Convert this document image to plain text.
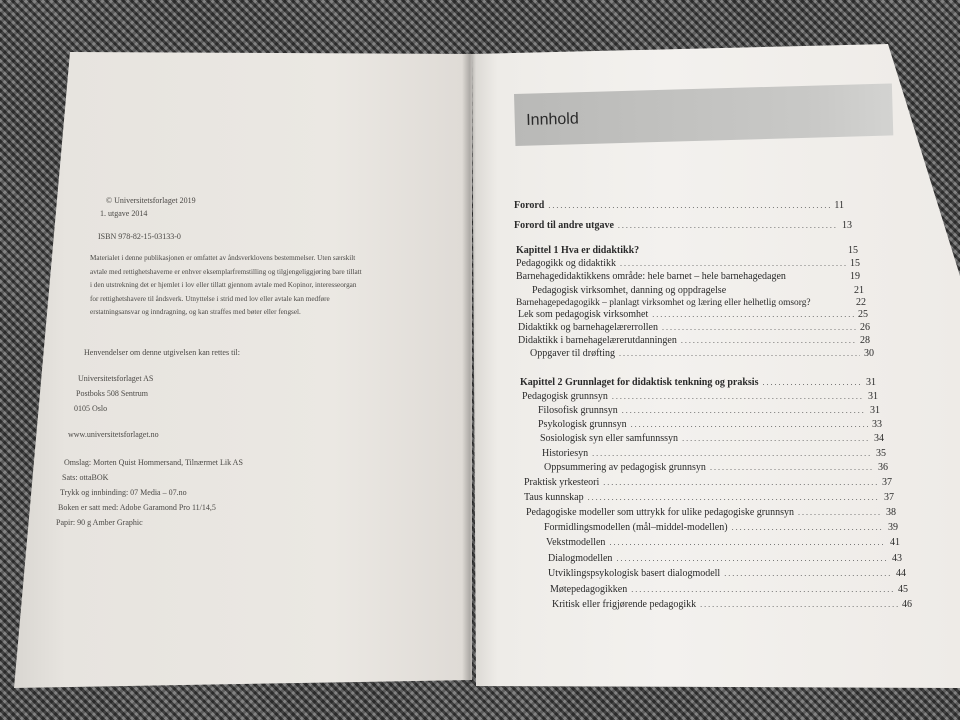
© Universitetsforlaget 2019
1. utgave 2014
ISBN 978-82-15-03133-0
Materialet i denne publikasjonen er omfattet av åndsverklovens bestemmelser. Uten særskilt avtale med rettighetshaverne er enhver eksemplarfremstilling og tilgjengeliggjøring bare tillatt i den utstrekning det er hjemlet i lov eller tillatt gjennom avtale med Kopinor, interesseorgan for rettighetshavere til åndsverk. Utnyttelse i strid med lov eller avtale kan medføre erstatningsansvar og inndragning, og kan straffes med bøter eller fengsel.
Henvendelser om denne utgivelsen kan rettes til:
Universitetsforlaget AS
Postboks 508 Sentrum
0105 Oslo
www.universitetsforlaget.no
Omslag: Morten Quist Hommersand, Tilnærmet Lik AS
Sats: ottaBOK
Trykk og innbinding: 07 Media – 07.no
Boken er satt med: Adobe Garamond Pro 11/14,5
Papir: 90 g Amber Graphic
Innhold
Forord .....	11
Forord til andre utgave .....	13
Kapittel 1 Hva er didaktikk?	15
Pedagogikk og didaktikk .....	15
Barnehagedidaktikkens område: hele barnet – hele barnehagedagen	19
Pedagogisk virksomhet, danning og oppdragelse	21
Barnehagepedagogikk – planlagt virksomhet og læring eller helhetlig omsorg?	22
Lek som pedagogisk virksomhet .....	25
Didaktikk og barnehagelærerrollen .....	26
Didaktikk i barnehagelærerutdanningen .....	28
Oppgaver til drøfting .....	30
Kapittel 2 Grunnlaget for didaktisk tenkning og praksis .....	31
Pedagogisk grunnsyn .....	31
Filosofisk grunnsyn .....	31
Psykologisk grunnsyn .....	33
Sosiologisk syn eller samfunnssyn .....	34
Historiesyn .....	35
Oppsummering av pedagogisk grunnsyn .....	36
Praktisk yrkesteori .....	37
Taus kunnskap .....	37
Pedagogiske modeller som uttrykk for ulike pedagogiske grunnsyn .....	38
Formidlingsmodellen (mål–middel-modellen) .....	39
Vekstmodellen .....	41
Dialogmodellen .....	43
Utviklingspsykologisk basert dialogmodell .....	44
Møtepedagogikken .....	45
Kritisk eller frigjørende pedagogikk .....	46
